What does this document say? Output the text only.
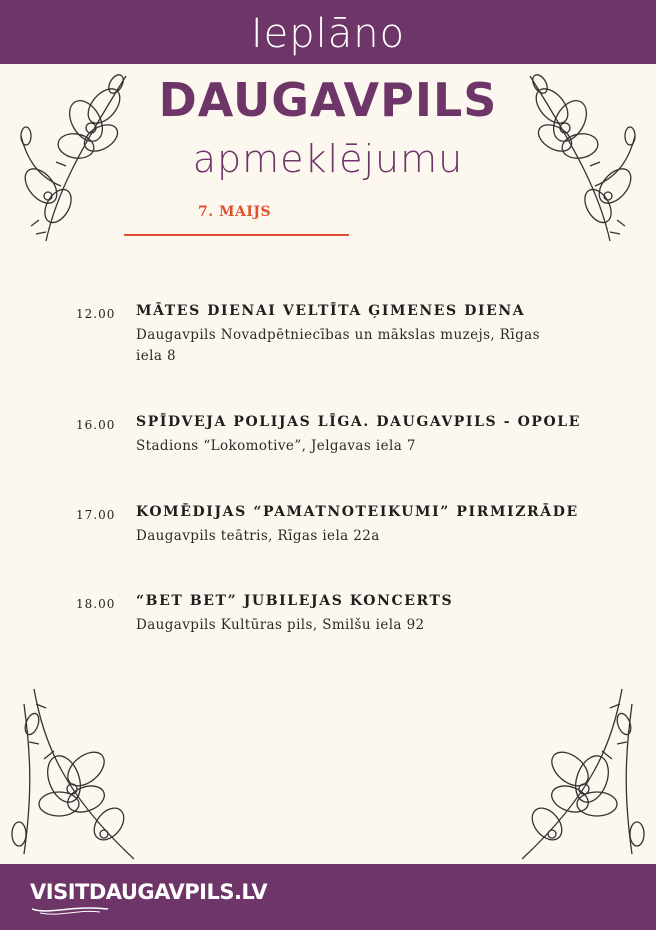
Ieplāno
DAUGAVPILS
apmeklējumu
7. MAIJS
12.00 MĀTES DIENAI VELTĪTA ĢIMENES DIENA
Daugavpils Novadpētniecības un mākslas muzejs, Rīgas iela 8
16.00 SPĪDVEJA POLIJAS LĪGA. DAUGAVPILS - OPOLE
Stadions “Lokomotive”, Jelgavas iela 7
17.00 KOMĒDIJAS “PAMATNOTEIKUMI” PIRMIZRĀDE
Daugavpils teātris, Rīgas iela 22a
18.00 “BET BET” JUBILEJAS KONCERTS
Daugavpils Kultūras pils, Smilšu iela 92
VISITDAUGAVPILS.LV
